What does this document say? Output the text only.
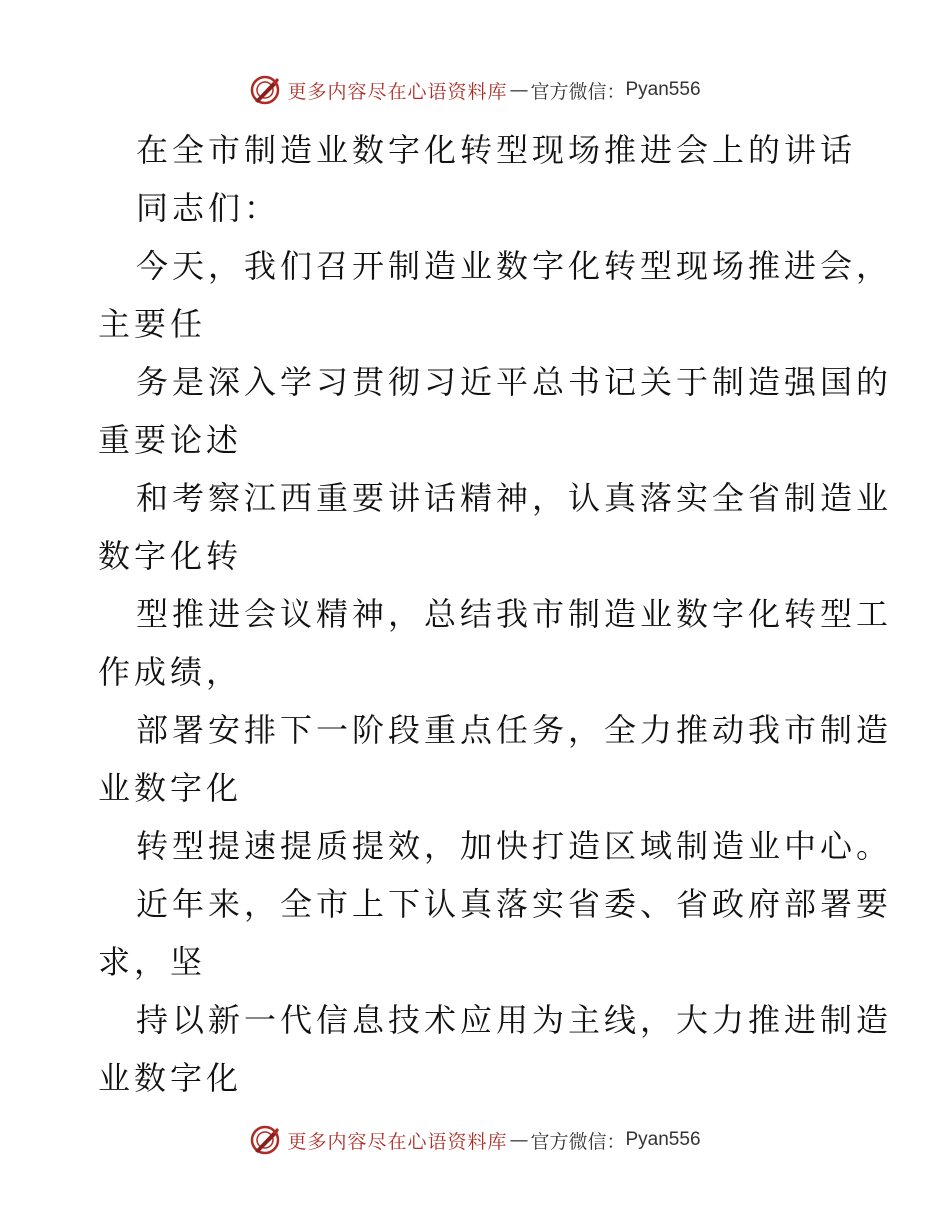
更多内容尽在心语资料库 — 官方微信： Pyan556
在全市制造业数字化转型现场推进会上的讲话
同志们：
今天，我们召开制造业数字化转型现场推进会，
主要任
务是深入学习贯彻习近平总书记关于制造强国的
重要论述
和考察江西重要讲话精神，认真落实全省制造业
数字化转
型推进会议精神，总结我市制造业数字化转型工
作成绩，
部署安排下一阶段重点任务，全力推动我市制造
业数字化
转型提速提质提效，加快打造区域制造业中心。
近年来，全市上下认真落实省委、省政府部署要
求，坚
持以新一代信息技术应用为主线，大力推进制造
业数字化
更多内容尽在心语资料库 — 官方微信： Pyan556
